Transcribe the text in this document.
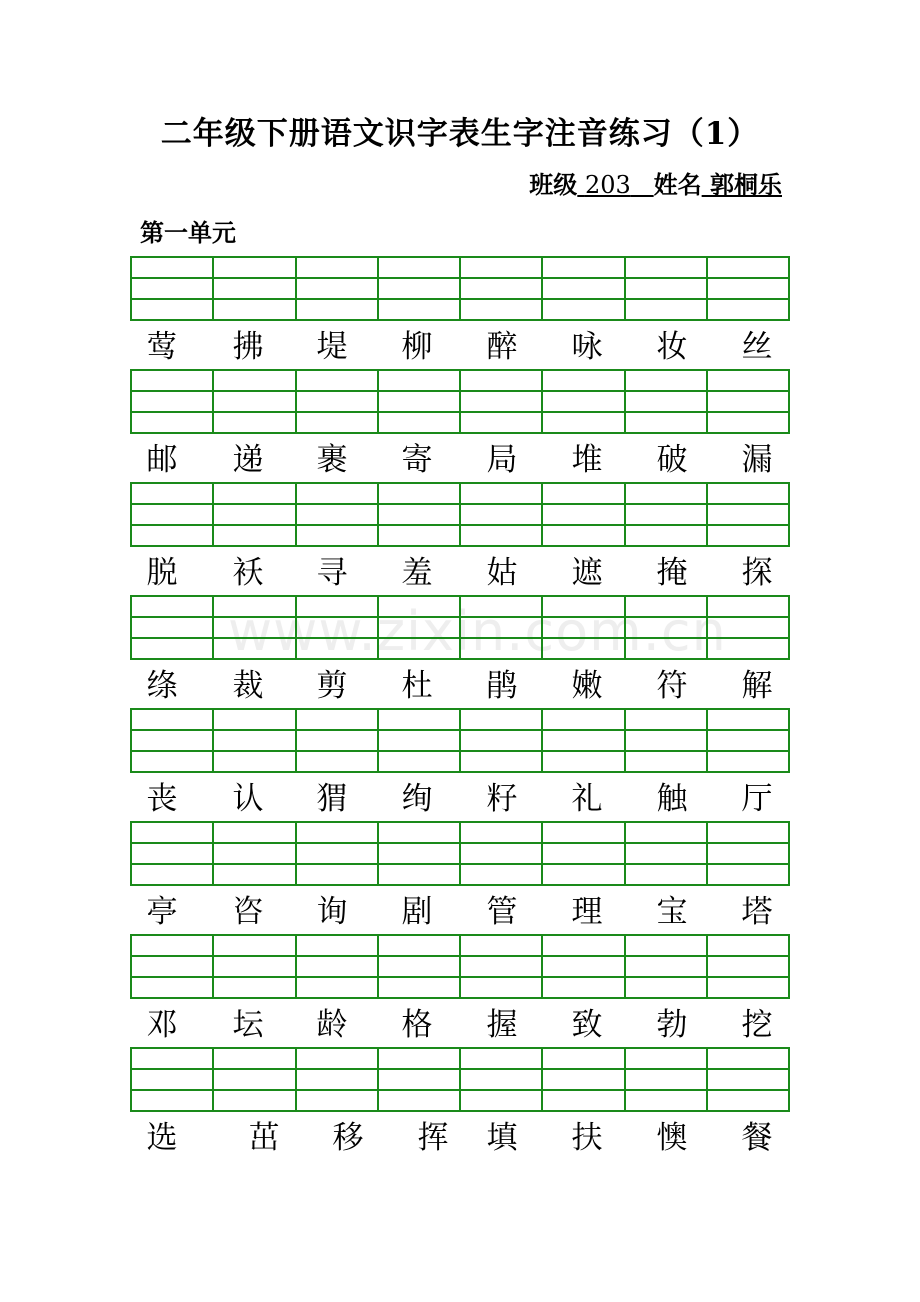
二年级下册语文识字表生字注音练习（1）
班级 203 姓名 郭桐乐
第一单元
www.zixin.com.cn

莺 拂 堤 柳 醉 咏 妆 丝

邮 递 裹 寄 局 堆 破 漏

脱 袄 寻 羞 姑 遮 掩 探

绦 裁 剪 杜 鹃 嫩 符 解

丧 认 猬 绚 籽 礼 触 厅

亭 咨 询 剧 管 理 宝 塔

邓 坛 龄 格 握 致 勃 挖

选 茁 移 挥 填 扶 懊 餐
